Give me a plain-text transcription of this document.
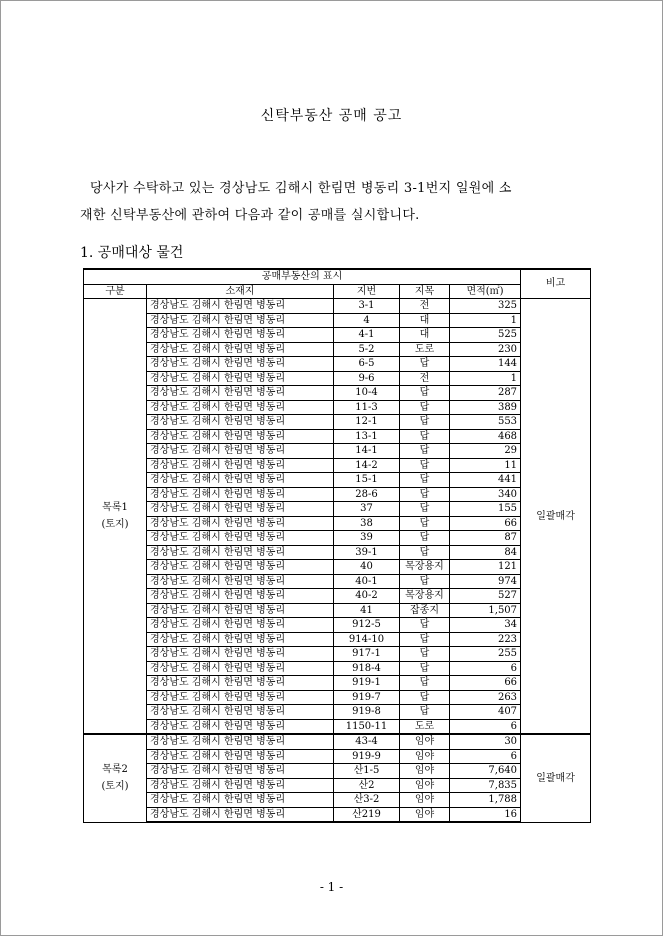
신탁부동산 공매 공고

당사가 수탁하고 있는 경상남도 김해시 한림면 병동리 3-1번지 일원에 소

재한 신탁부동산에 관하여 다음과 같이 공매를 실시합니다.

1. 공매대상 물건
공매부동산의 표시					비고
구분	소재지	지번	지목	면적(㎡)	
목록1
(토지)	경상남도 김해시 한림면 병동리	3-1	전	325	일괄매각
	경상남도 김해시 한림면 병동리	4	대	1	
	경상남도 김해시 한림면 병동리	4-1	대	525	
	경상남도 김해시 한림면 병동리	5-2	도로	230	
	경상남도 김해시 한림면 병동리	6-5	답	144	
	경상남도 김해시 한림면 병동리	9-6	전	1	
	경상남도 김해시 한림면 병동리	10-4	답	287	
	경상남도 김해시 한림면 병동리	11-3	답	389	
	경상남도 김해시 한림면 병동리	12-1	답	553	
	경상남도 김해시 한림면 병동리	13-1	답	468	
	경상남도 김해시 한림면 병동리	14-1	답	29	
	경상남도 김해시 한림면 병동리	14-2	답	11	
	경상남도 김해시 한림면 병동리	15-1	답	441	
	경상남도 김해시 한림면 병동리	28-6	답	340	
	경상남도 김해시 한림면 병동리	37	답	155	
	경상남도 김해시 한림면 병동리	38	답	66	
	경상남도 김해시 한림면 병동리	39	답	87	
	경상남도 김해시 한림면 병동리	39-1	답	84	
	경상남도 김해시 한림면 병동리	40	목장용지	121	
	경상남도 김해시 한림면 병동리	40-1	답	974	
	경상남도 김해시 한림면 병동리	40-2	목장용지	527	
	경상남도 김해시 한림면 병동리	41	잡종지	1,507	
	경상남도 김해시 한림면 병동리	912-5	답	34	
	경상남도 김해시 한림면 병동리	914-10	답	223	
	경상남도 김해시 한림면 병동리	917-1	답	255	
	경상남도 김해시 한림면 병동리	918-4	답	6	
	경상남도 김해시 한림면 병동리	919-1	답	66	
	경상남도 김해시 한림면 병동리	919-7	답	263	
	경상남도 김해시 한림면 병동리	919-8	답	407	
	경상남도 김해시 한림면 병동리	1150-11	도로	6	
목록2
(토지)	경상남도 김해시 한림면 병동리	43-4	임야	30	일괄매각
	경상남도 김해시 한림면 병동리	919-9	임야	6	
	경상남도 김해시 한림면 병동리	산1-5	임야	7,640	
	경상남도 김해시 한림면 병동리	산2	임야	7,835	
	경상남도 김해시 한림면 병동리	산3-2	임야	1,788	
	경상남도 김해시 한림면 병동리	산219	임야	16	
- 1 -
